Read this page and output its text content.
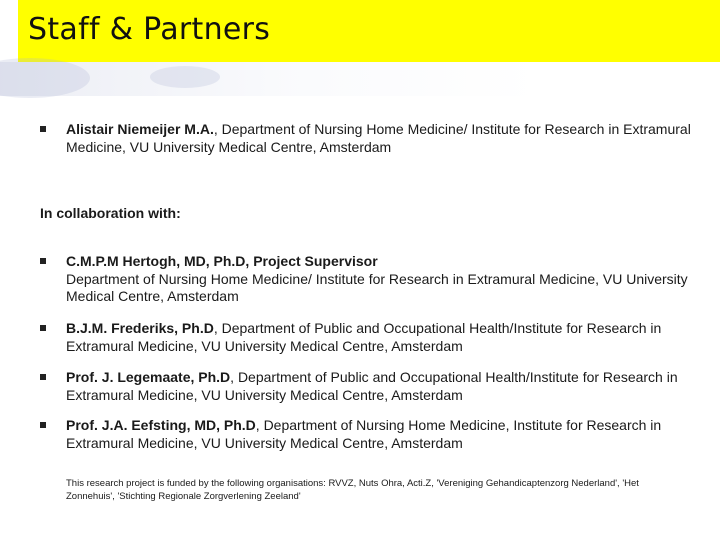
Staff & Partners
Alistair Niemeijer M.A., Department of Nursing Home Medicine/ Institute for Research in Extramural Medicine, VU University Medical Centre, Amsterdam
In collaboration with:
C.M.P.M Hertogh, MD, Ph.D, Project Supervisor
Department of Nursing Home Medicine/ Institute for Research in Extramural Medicine, VU University Medical Centre, Amsterdam
B.J.M. Frederiks, Ph.D, Department of Public and Occupational Health/Institute for Research in Extramural Medicine, VU University Medical Centre, Amsterdam
Prof. J. Legemaate, Ph.D, Department of Public and Occupational Health/Institute for Research in Extramural Medicine, VU University Medical Centre, Amsterdam
Prof. J.A. Eefsting, MD, Ph.D, Department of Nursing Home Medicine, Institute for Research in Extramural Medicine, VU University Medical Centre, Amsterdam
This research project is funded by the following organisations: RVVZ, Nuts Ohra, Acti.Z, 'Vereniging Gehandicaptenzorg Nederland', 'Het Zonnehuis', 'Stichting Regionale Zorgverlening Zeeland'
